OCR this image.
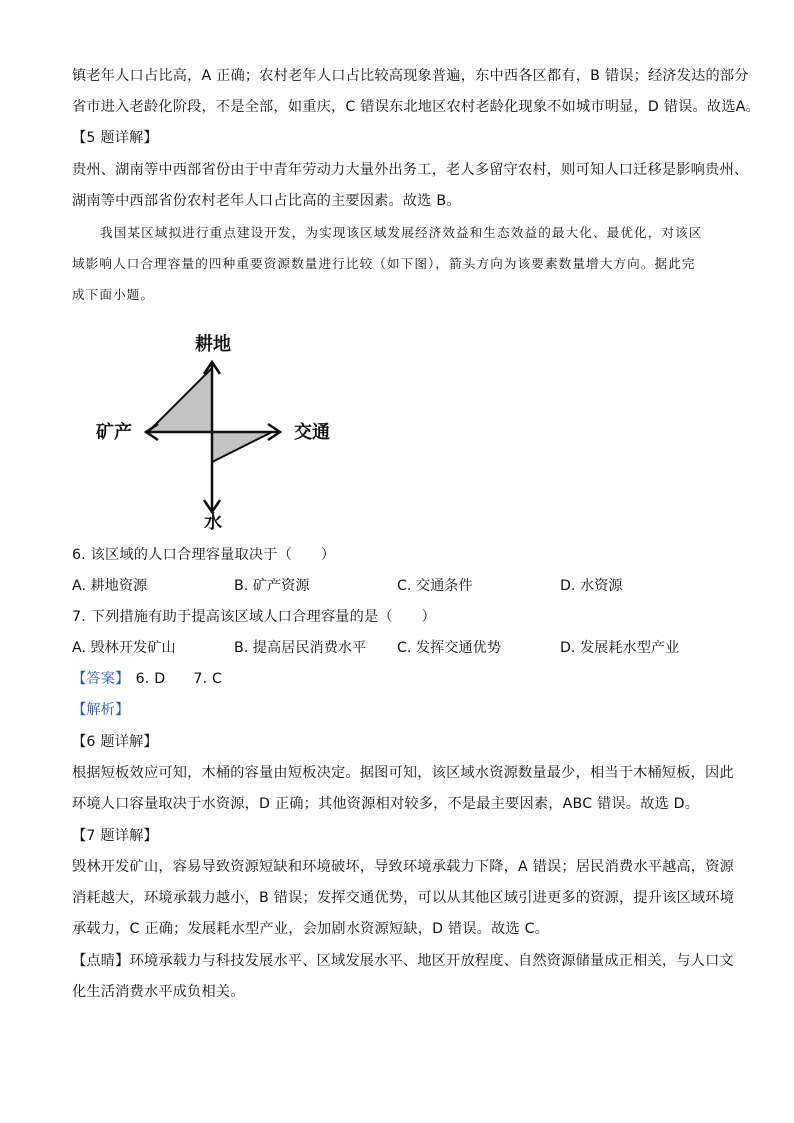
镇老年人口占比高，A 正确；农村老年人口占比较高现象普遍，东中西各区都有，B 错误；经济发达的部分
省市进入老龄化阶段，不是全部，如重庆，C 错误东北地区农村老龄化现象不如城市明显，D 错误。故选A。
【5 题详解】
贵州、湖南等中西部省份由于中青年劳动力大量外出务工，老人多留守农村，则可知人口迁移是影响贵州、
湖南等中西部省份农村老年人口占比高的主要因素。故选 B。
我国某区域拟进行重点建设开发，为实现该区域发展经济效益和生态效益的最大化、最优化，对该区
域影响人口合理容量的四种重要资源数量进行比较（如下图），箭头方向为该要素数量增大方向。据此完
成下面小题。
耕地
矿产	交通
水
6. 该区域的人口合理容量取决于（　　）
A. 耕地资源	B. 矿产资源	C. 交通条件	D. 水资源
7. 下列措施有助于提高该区域人口合理容量的是（　　）
A. 毁林开发矿山	B. 提高居民消费水平 C. 发挥交通优势	D. 发展耗水型产业
【答案】 6. D 7. C
【解析】
【6 题详解】
根据短板效应可知，木桶的容量由短板决定。据图可知，该区域水资源数量最少，相当于木桶短板，因此
环境人口容量取决于水资源，D 正确；其他资源相对较多，不是最主要因素，ABC 错误。故选 D。
【7 题详解】
毁林开发矿山，容易导致资源短缺和环境破坏，导致环境承载力下降，A 错误；居民消费水平越高，资源
消耗越大，环境承载力越小，B 错误；发挥交通优势，可以从其他区域引进更多的资源，提升该区域环境
承载力，C 正确；发展耗水型产业，会加剧水资源短缺，D 错误。故选 C。
【点睛】环境承载力与科技发展水平、区域发展水平、地区开放程度、自然资源储量成正相关，与人口文
化生活消费水平成负相关。
